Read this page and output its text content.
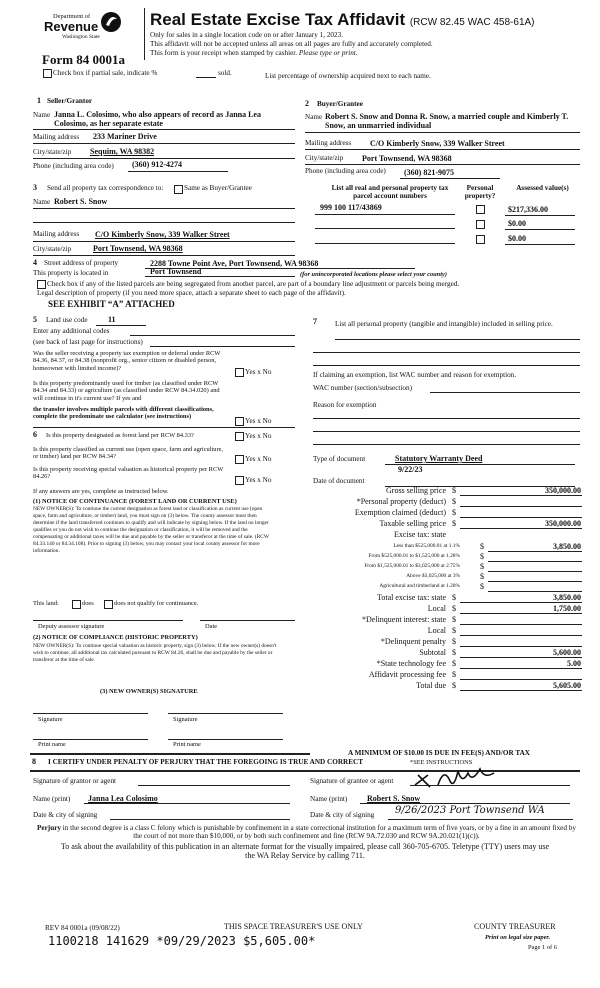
Department of
Revenue
Washington State
Real Estate Excise Tax Affidavit (RCW 82.45 WAC 458-61A)
Only for sales in a single location code on or after January 1, 2023.
This affidavit will not be accepted unless all areas on all pages are fully and accurately completed.
This form is your receipt when stamped by cashier. Please type or print.
Form 84 0001a
Check box if partial sale, indicate %	sold.	List percentage of ownership acquired next to each name.
1 Seller/Grantor
Name Janna L. Colosimo, who also appears of record as Janna Lea Colosimo, as her separate estate
Mailing address 233 Mariner Drive
City/state/zip Sequim, WA 98382
Phone (including area code) (360) 912-4274
2 Buyer/Grantee
Name Robert S. Snow and Donna R. Snow, a married couple and Kimberly T. Snow, an unmarried individual
Mailing address C/O Kimberly Snow, 339 Walker Street
City/state/zip Port Townsend, WA 98368
Phone (including area code) (360) 821-9075
3 Send all property tax correspondence to:	Same as Buyer/Grantee
Name Robert S. Snow
Mailing address C/O Kimberly Snow, 339 Walker Street
City/state/zip	Port Townsend, WA 98368
List all real and personal property tax parcel account numbers
Personal property?
Assessed value(s)
999 100 117/43869	$217,336.00
$0.00
$0.00
4 Street address of property	2288 Towne Point Ave, Port Townsend, WA 98368
This property is located in	Port Townsend	(for unincorporated locations please select your county)
Check box if any of the listed parcels are being segregated from another parcel, are part of a boundary line adjustment or parcels being merged.
Legal description of property (if you need more space, attach a separate sheet to each page of the affidavit).
SEE EXHIBIT “A” ATTACHED
5 Land use code	11
Enter any additional codes
(see back of last page for instructions)
Was the seller receiving a property tax exemption or deferral under RCW 84.36, 84.37, or 84.38 (nonprofit org., senior citizen or disabled person, homeowner with limited income)?	Yes x No
Is this property predominantly used for timber (as classified under RCW 84.34 and 84.33) or agriculture (as classified under RCW 84.34.020) and will continue in it's current use? If yes and
the transfer involves multiple parcels with different classifications, complete the predominate use calculator (see instructions)
Yes x No
6 Is this property designated as forest land per RCW 84.33?	Yes x No
Is this property classified as current use (open space, farm and agriculture, or timber) land per RCW 84.34?	Yes x No
Is this property receiving special valuation as historical property per RCW 84.26?	Yes x No
If any answers are yes, complete as instructed below.
(1) NOTICE OF CONTINUANCE (FOREST LAND OR CURRENT USE)
NEW OWNER(S): To continue the current designation as forest land or classification as current use (open space, farm and agriculture, or timber) land, you must sign on (3) below. The county assessor must then determine if the land transferred continues to qualify and will indicate by signing below. If the land no longer qualifies or you do not wish to continue the designation or classification, it will be removed and the compensating or additional taxes will be due and payable by the seller or transferor at the time of sale. (RCW 84.33.140 or 84.34.108). Prior to signing (3) below, you may contact your local county assessor for more information.
This land:	does	does not qualify for continuance.
Deputy assessor signature	Date
(2) NOTICE OF COMPLIANCE (HISTORIC PROPERTY)
NEW OWNER(S): To continue special valuation as historic property, sign (3) below. If the new owner(s) doesn't wish to continue, all additional tax calculated pursuant to RCW 84.26, shall be due and payable by the seller or transferor at the time of sale.
(3) NEW OWNER(S) SIGNATURE
Signature	Signature
Print name	Print name
7	List all personal property (tangible and intangible) included in selling price.
If claiming an exemption, list WAC number and reason for exemption.
WAC number (section/subsection)
Reason for exemption
Type of document	Statutory Warranty Deed
9/22/23
Date of document
Gross selling price $	350,000.00
*Personal property (deduct) $
Exemption claimed (deduct) $
Taxable selling price $	350,000.00
Excise tax: state
Less than $525,000.01 at 1.1%	$	3,850.00
From $525,000.01 to $1,525,000 at 1.28%	$
From $1,525,000.01 to $3,025,000 at 2.75%	$
Above $3,025,000 at 3%	$
Agricultural and timberland at 1.28%	$
Total excise tax: state $	3,850.00
Local $	1,750.00
*Delinquent interest: state $
Local $
*Delinquent penalty $
Subtotal $	5,600.00
*State technology fee $	5.00
Affidavit processing fee $
Total due $	5,605.00
A MINIMUM OF $10.00 IS DUE IN FEE(S) AND/OR TAX
*SEE INSTRUCTIONS
8 I CERTIFY UNDER PENALTY OF PERJURY THAT THE FOREGOING IS TRUE AND CORRECT
Signature of grantor or agent	Signature of grantee or agent
Name (print) Janna Lea Colosimo	Name (print) Robert S. Snow
Date & city of signing	Date & city of signing 9/26/2023 Port Townsend WA
Perjury in the second degree is a class C felony which is punishable by confinement in a state correctional institution for a maximum term of five years, or by a fine in an amount fixed by the court of not more than $10,000, or by both such confinement and fine (RCW 9A.72.030 and RCW 9A.20.021(1)(c)).
To ask about the availability of this publication in an alternate format for the visually impaired, please call 360-705-6705. Teletype (TTY) users may use the WA Relay Service by calling 711.
REV 84 0001a (09/08/22)	THIS SPACE TREASURER'S USE ONLY	COUNTY TREASURER
Print on legal size paper.
Page 1 of 6
1100218 141629 *09/29/2023 $5,605.00*
